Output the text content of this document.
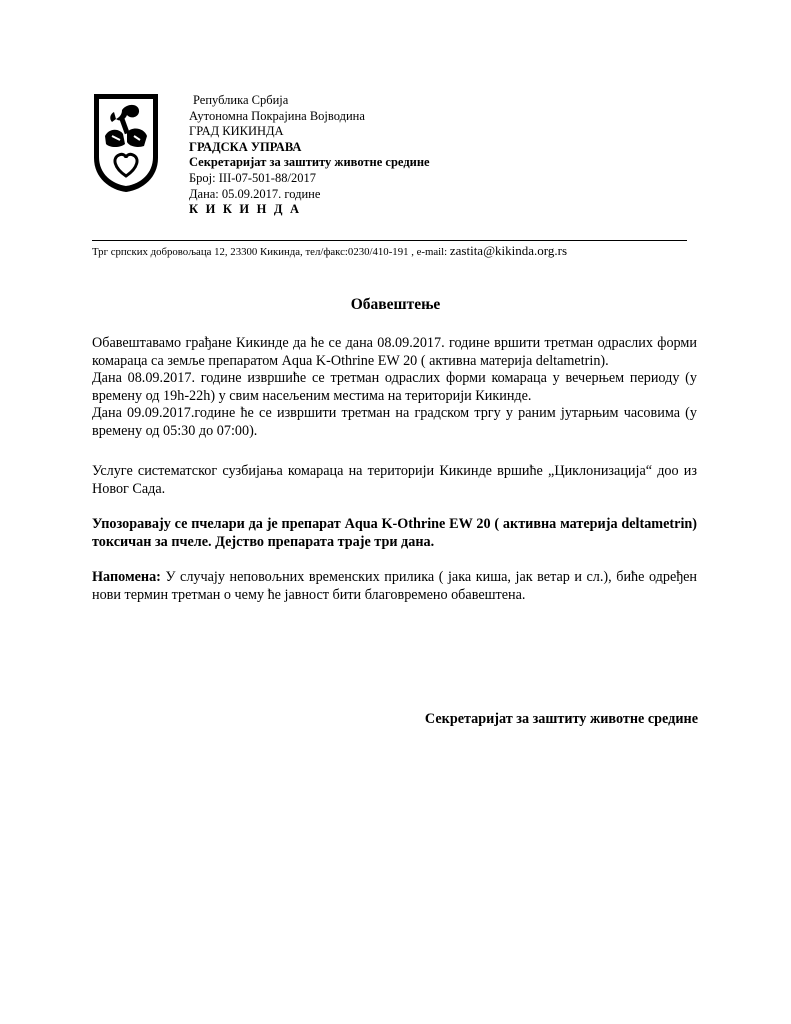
Република Србија
Аутономна Покрајина Војводина
ГРАД КИКИНДА
ГРАДСКА УПРАВА
Секретаријат за заштиту животне средине
Број: III-07-501-88/2017
Дана: 05.09.2017. године
К И К И Н Д А
Трг српских добровољаца 12, 23300 Кикинда, тел/факс:0230/410-191 , e-mail: zastita@kikinda.org.rs
Обавештење
Обавештавамо грађане Кикинде да ће се дана 08.09.2017. године вршити третман одраслих форми комараца са земље препаратом Aqua K-Othrine EW 20 ( активна материја deltametrin).
Дана 08.09.2017. године извршиће се третман одраслих форми комараца у вечерњем периоду (у времену од 19h-22h) у свим насељеним местима на територији Кикинде.
Дана 09.09.2017.године ће се извршити третман на градском тргу у раним јутарњим часовима (у времену од 05:30 до 07:00).
Услуге систематског сузбијања комараца на територији Кикинде вршиће „Циклонизација“ доо из Новог Сада.
Упозоравају се пчелари да је препарат Aqua K-Othrine EW 20 ( активна материја deltametrin) токсичан за пчеле. Дејство препарата траје три дана.
Напомена: У случају неповољних временских прилика ( јака киша, јак ветар и сл.), биће одређен нови термин третман о чему ће јавност бити благовремено обавештена.
Секретаријат за заштиту животне средине
